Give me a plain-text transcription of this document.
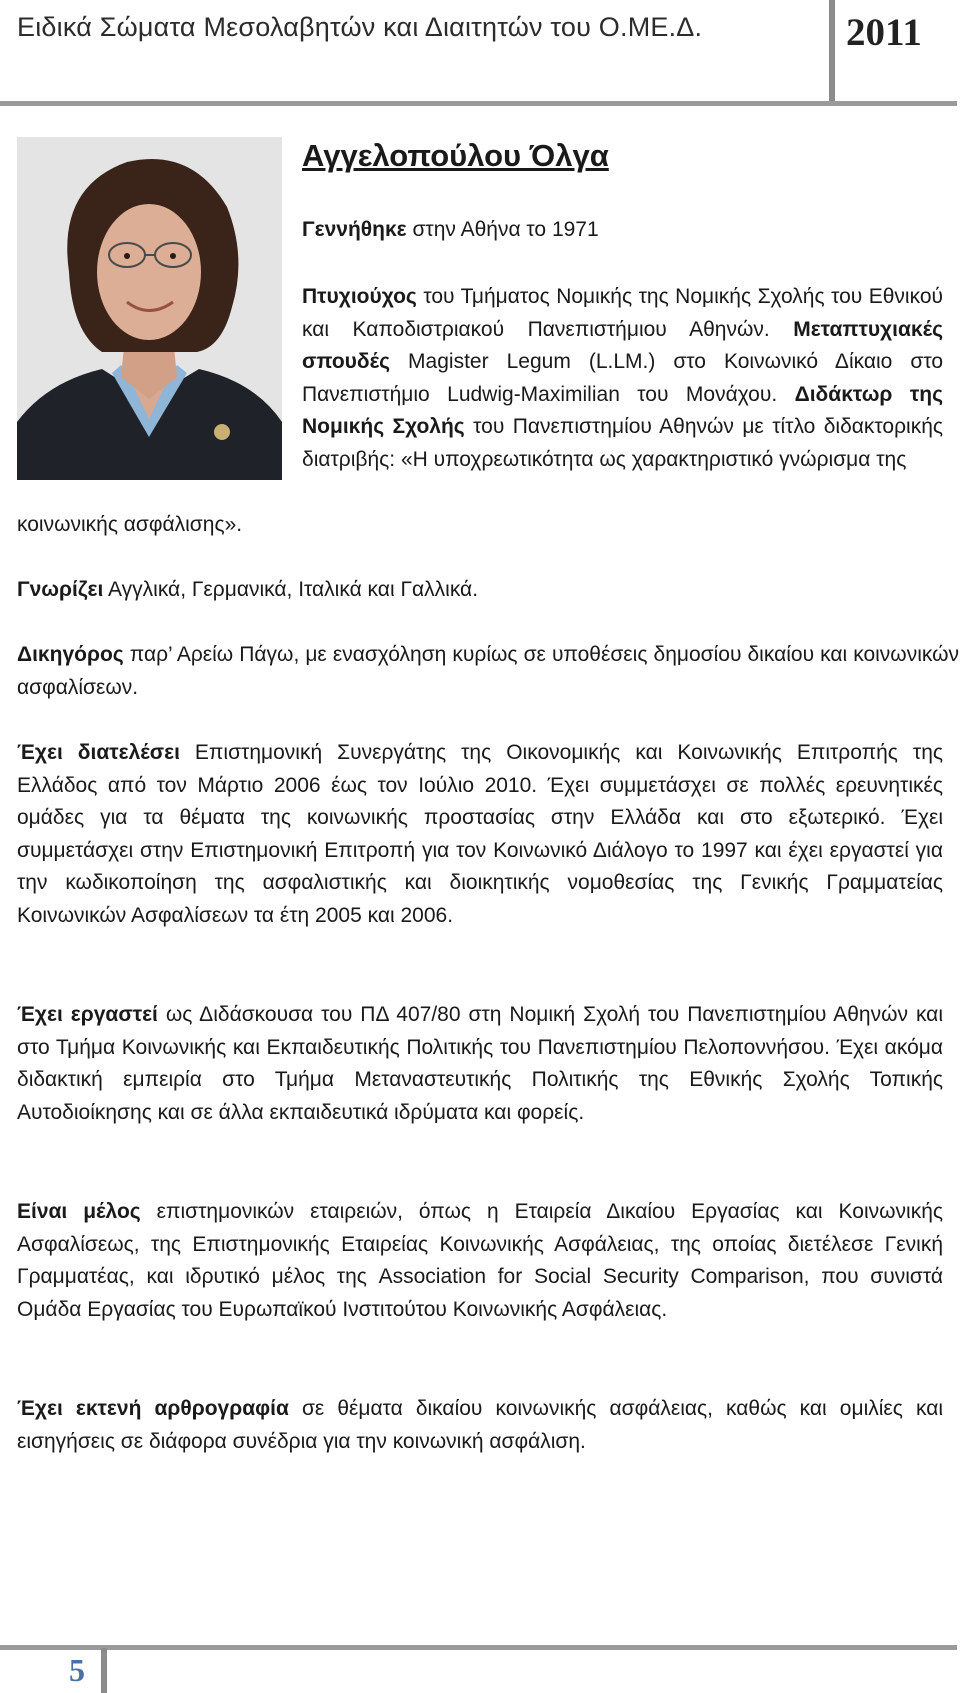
Ειδικά Σώματα Μεσολαβητών και Διαιτητών του Ο.ΜΕ.Δ.	2011
Αγγελοπούλου Όλγα
Γεννήθηκε στην Αθήνα το 1971
Πτυχιούχος του Τμήματος Νομικής της Νομικής Σχολής του Εθνικού και Καποδιστριακού Πανεπιστήμιου Αθηνών. Μεταπτυχιακές σπουδές Magister Legum (L.LM.) στο Κοινωνικό Δίκαιο στο Πανεπιστήμιο Ludwig-Maximilian του Μονάχου. Διδάκτωρ της Νομικής Σχολής του Πανεπιστημίου Αθηνών με τίτλο διδακτορικής διατριβής: «Η υποχρεωτικότητα ως χαρακτηριστικό γνώρισμα της
κοινωνικής ασφάλισης».
Γνωρίζει Αγγλικά, Γερμανικά, Ιταλικά και Γαλλικά.
Δικηγόρος παρ’ Αρείω Πάγω, με ενασχόληση κυρίως σε υποθέσεις δημοσίου δικαίου και κοινωνικών ασφαλίσεων.
Έχει διατελέσει Επιστημονική Συνεργάτης της Οικονομικής και Κοινωνικής Επιτροπής της Ελλάδος από τον Μάρτιο 2006 έως τον Ιούλιο 2010. Έχει συμμετάσχει σε πολλές ερευνητικές ομάδες για τα θέματα της κοινωνικής προστασίας στην Ελλάδα και στο εξωτερικό. Έχει συμμετάσχει στην Επιστημονική Επιτροπή για τον Κοινωνικό Διάλογο το 1997 και έχει εργαστεί για την κωδικοποίηση της ασφαλιστικής και διοικητικής νομοθεσίας της Γενικής Γραμματείας Κοινωνικών Ασφαλίσεων τα έτη 2005 και 2006.
Έχει εργαστεί ως Διδάσκουσα του ΠΔ 407/80 στη Νομική Σχολή του Πανεπιστημίου Αθηνών και στο Τμήμα Κοινωνικής και Εκπαιδευτικής Πολιτικής του Πανεπιστημίου Πελοποννήσου. Έχει ακόμα διδακτική εμπειρία στο Τμήμα Μεταναστευτικής Πολιτικής της Εθνικής Σχολής Τοπικής Αυτοδιοίκησης και σε άλλα εκπαιδευτικά ιδρύματα και φορείς.
Είναι μέλος επιστημονικών εταιρειών, όπως η Εταιρεία Δικαίου Εργασίας και Κοινωνικής Ασφαλίσεως, της Επιστημονικής Εταιρείας Κοινωνικής Ασφάλειας, της οποίας διετέλεσε Γενική Γραμματέας, και ιδρυτικό μέλος της Association for Social Security Comparison, που συνιστά Ομάδα Εργασίας του Ευρωπαϊκού Ινστιτούτου Κοινωνικής Ασφάλειας.
Έχει εκτενή αρθρογραφία σε θέματα δικαίου κοινωνικής ασφάλειας, καθώς και ομιλίες και εισηγήσεις σε διάφορα συνέδρια για την κοινωνική ασφάλιση.
5
